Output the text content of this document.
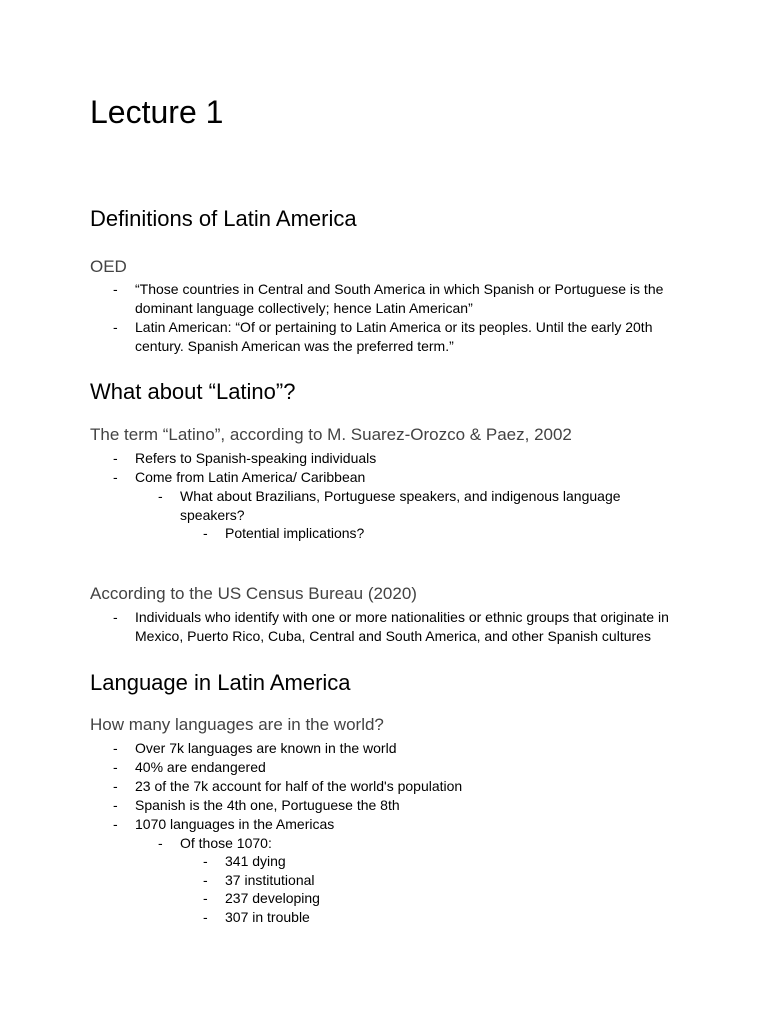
Lecture 1
Definitions of Latin America
OED
- “Those countries in Central and South America in which Spanish or Portuguese is the
dominant language collectively; hence Latin American”
- Latin American: “Of or pertaining to Latin America or its peoples. Until the early 20th
century. Spanish American was the preferred term.”
What about “Latino”?
The term “Latino”, according to M. Suarez-Orozco & Paez, 2002
- Refers to Spanish-speaking individuals
- Come from Latin America/ Caribbean
- What about Brazilians, Portuguese speakers, and indigenous language
speakers?
- Potential implications?
According to the US Census Bureau (2020)
- Individuals who identify with one or more nationalities or ethnic groups that originate in
Mexico, Puerto Rico, Cuba, Central and South America, and other Spanish cultures
Language in Latin America
How many languages are in the world?
- Over 7k languages are known in the world
- 40% are endangered
- 23 of the 7k account for half of the world's population
- Spanish is the 4th one, Portuguese the 8th
- 1070 languages in the Americas
- Of those 1070:
- 341 dying
- 37 institutional
- 237 developing
- 307 in trouble
